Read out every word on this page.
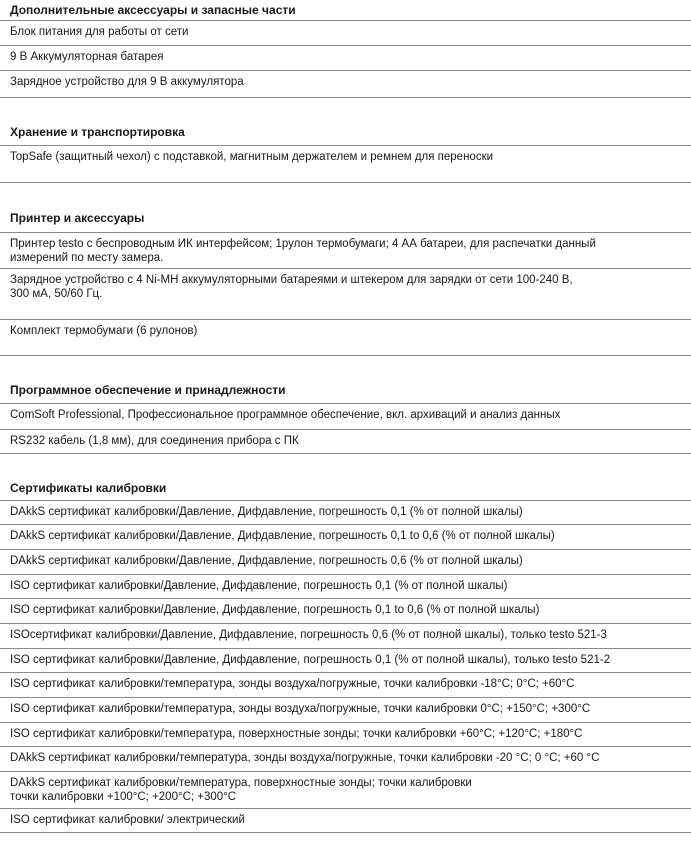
Дополнительные аксессуары и запасные части
Блок питания для работы от сети
9 В Аккумуляторная батарея
Зарядное устройство для 9 В аккумулятора
Хранение и транспортировка
TopSafe (защитный чехол) с подставкой, магнитным держателем и ремнем для переноски
Принтер и аксессуары
Принтер testo с беспроводным ИК интерфейсом; 1рулон термобумаги; 4 АА батареи, для распечатки данный
измерений по месту замера.
Зарядное устройство с 4 Ni-MH аккумуляторными батареями и штекером для зарядки от сети 100-240 В,
300 мА, 50/60 Гц.
Комплект термобумаги (6 рулонов)
Программное обеспечение и принадлежности
ComSoft Professional, Профессиональное программное обеспечение, вкл. архиваций и анализ данных
RS232 кабель (1,8 мм), для соединения прибора с ПК
Сертификаты калибровки
DAkkS сертификат калибровки/Давление, Дифдавление, погрешность 0,1 (% от полной шкалы)
DAkkS сертификат калибровки/Давление, Дифдавление, погрешность 0,1 to 0,6 (% от полной шкалы)
DAkkS сертификат калибровки/Давление, Дифдавление, погрешность 0,6 (% от полной шкалы)
ISO сертификат калибровки/Давление, Дифдавление, погрешность 0,1 (% от полной шкалы)
ISO сертификат калибровки/Давление, Дифдавление, погрешность 0,1 to 0,6 (% от полной шкалы)
ISOсертификат калибровки/Давление, Дифдавление, погрешность 0,6 (% от полной шкалы), только testo 521-3
ISO сертификат калибровки/Давление, Дифдавление, погрешность 0,1 (% от полной шкалы), только testo 521-2
ISO сертификат калибровки/температура, зонды воздуха/погружные, точки калибровки -18°C; 0°C; +60°C
ISO сертификат калибровки/температура, зонды воздуха/погружные, точки калибровки 0°C; +150°C; +300°C
ISO сертификат калибровки/температура, поверхностные зонды; точки калибровки +60°C; +120°C; +180°C
DAkkS сертификат калибровки/температура, зонды воздуха/погружные, точки калибровки -20 °C; 0 °C; +60 °C
DAkkS сертификат калибровки/температура, поверхностные зонды; точки калибровки
точки калибровки +100°C; +200°C; +300°C
ISO сертификат калибровки/ электрический
